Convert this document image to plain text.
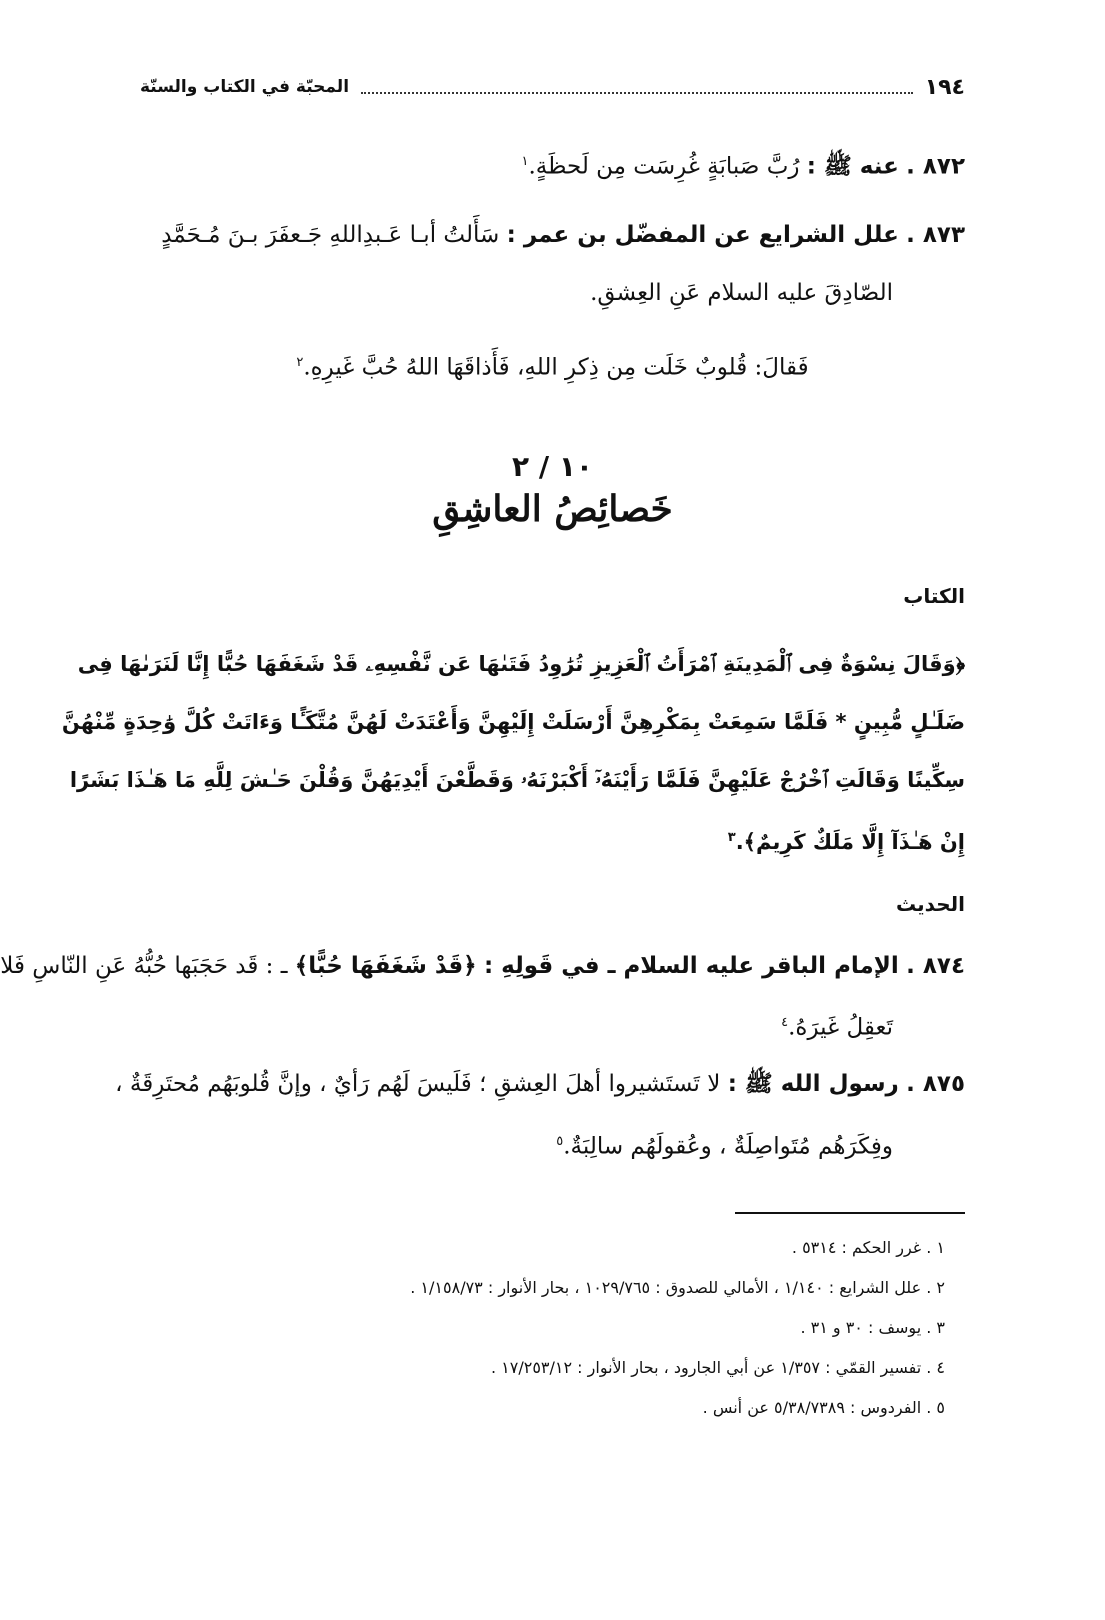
١٩٤
المحبّة في الكتاب والسنّة
٨٧٢ . عنه ﷺ : رُبَّ صَبابَةٍ غُرِسَت مِن لَحظَةٍ.$^١$
٨٧٣ . علل الشرايع عن المفضّل بن عمر : سَأَلتُ أبـا عَـبدِاللهِ جَـعفَرَ بـنَ مُـحَمَّدٍ
الصّادِقَ عليه السلام عَنِ العِشقِ.
فَقالَ: قُلوبٌ خَلَت مِن ذِكرِ اللهِ، فَأَذاقَهَا اللهُ حُبَّ غَيرِهِ.$^٢$
١٠ / ٢
خَصائِصُ العاشِقِ
الكتاب
﴿وَقَالَ نِسْوَةٌ فِى ٱلْمَدِينَةِ ٱمْرَأَتُ ٱلْعَزِيزِ تُرَٰوِدُ فَتَىٰهَا عَن نَّفْسِهِۦ قَدْ شَغَفَهَا حُبًّا إِنَّا لَنَرَىٰهَا فِى
ضَلَـٰلٍ مُّبِينٍ * فَلَمَّا سَمِعَتْ بِمَكْرِهِنَّ أَرْسَلَتْ إِلَيْهِنَّ وَأَعْتَدَتْ لَهُنَّ مُتَّكَـًٔا وَءَاتَتْ كُلَّ وَٰحِدَةٍ مِّنْهُنَّ
سِكِّينًا وَقَالَتِ ٱخْرُجْ عَلَيْهِنَّ فَلَمَّا رَأَيْنَهُۥٓ أَكْبَرْنَهُۥ وَقَطَّعْنَ أَيْدِيَهُنَّ وَقُلْنَ حَـٰشَ لِلَّهِ مَا هَـٰذَا بَشَرًا
إِنْ هَـٰذَآ إِلَّا مَلَكٌ كَرِيمٌ﴾.$^٣$
الحديث
٨٧٤ . الإمام الباقر عليه السلام ـ في قَولِهِ : ﴿قَدْ شَغَفَهَا حُبًّا﴾ ـ : قَد حَجَبَها حُبُّهُ عَنِ النّاسِ فَلا
تَعقِلُ غَيرَهُ.$^٤$
٨٧٥ . رسول الله ﷺ : لا تَستَشيروا أهلَ العِشقِ ؛ فَلَيسَ لَهُم رَأيٌ ، وإنَّ قُلوبَهُم مُحتَرِقَةٌ ،
وفِكَرَهُم مُتَواصِلَةٌ ، وعُقولَهُم سالِبَةٌ.$^٥$
١ . غرر الحكم : ٥٣١٤ .
٢ . علل الشرايع : ١/١٤٠ ، الأمالي للصدوق : ١٠٢٩/٧٦٥ ، بحار الأنوار : ١/١٥٨/٧٣ .
٣ . يوسف : ٣٠ و ٣١ .
٤ . تفسير القمّي : ١/٣٥٧ عن أبي الجارود ، بحار الأنوار : ١٧/٢٥٣/١٢ .
٥ . الفردوس : ٥/٣٨/٧٣٨٩ عن أنس .
